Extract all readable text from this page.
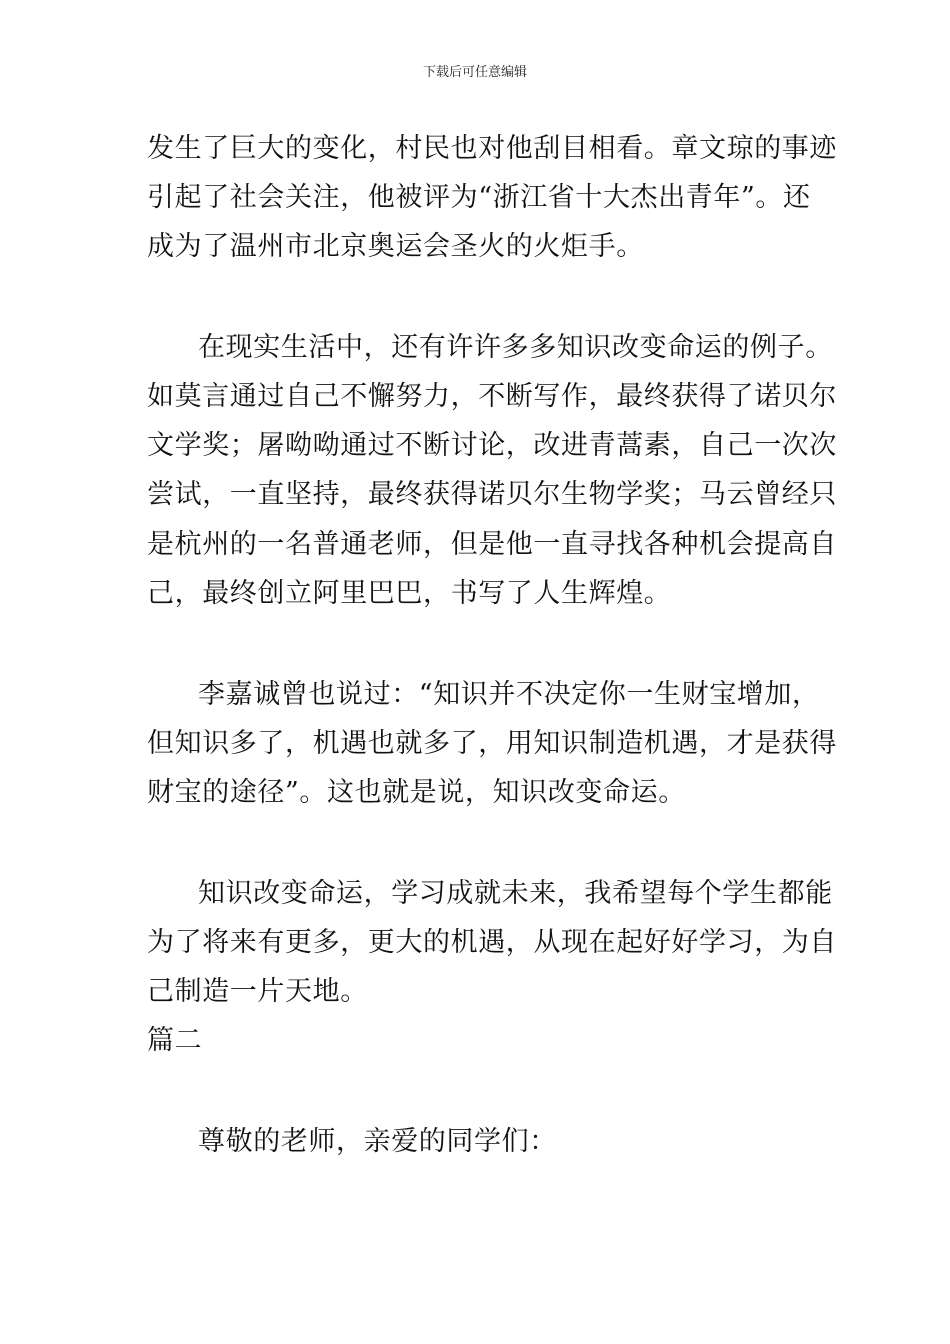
下载后可任意编辑
发生了巨大的变化，村民也对他刮目相看。章文琼的事迹
引起了社会关注，他被评为“浙江省十大杰出青年”。还
成为了温州市北京奥运会圣火的火炬手。
在现实生活中，还有许许多多知识改变命运的例子。
如莫言通过自己不懈努力，不断写作，最终获得了诺贝尔
文学奖；屠呦呦通过不断讨论，改进青蒿素，自己一次次
尝试，一直坚持，最终获得诺贝尔生物学奖；马云曾经只
是杭州的一名普通老师，但是他一直寻找各种机会提高自
己，最终创立阿里巴巴，书写了人生辉煌。
李嘉诚曾也说过：“知识并不决定你一生财宝增加，
但知识多了，机遇也就多了，用知识制造机遇，才是获得
财宝的途径”。这也就是说，知识改变命运。
知识改变命运，学习成就未来，我希望每个学生都能
为了将来有更多，更大的机遇，从现在起好好学习，为自
己制造一片天地。
篇二
尊敬的老师，亲爱的同学们：
